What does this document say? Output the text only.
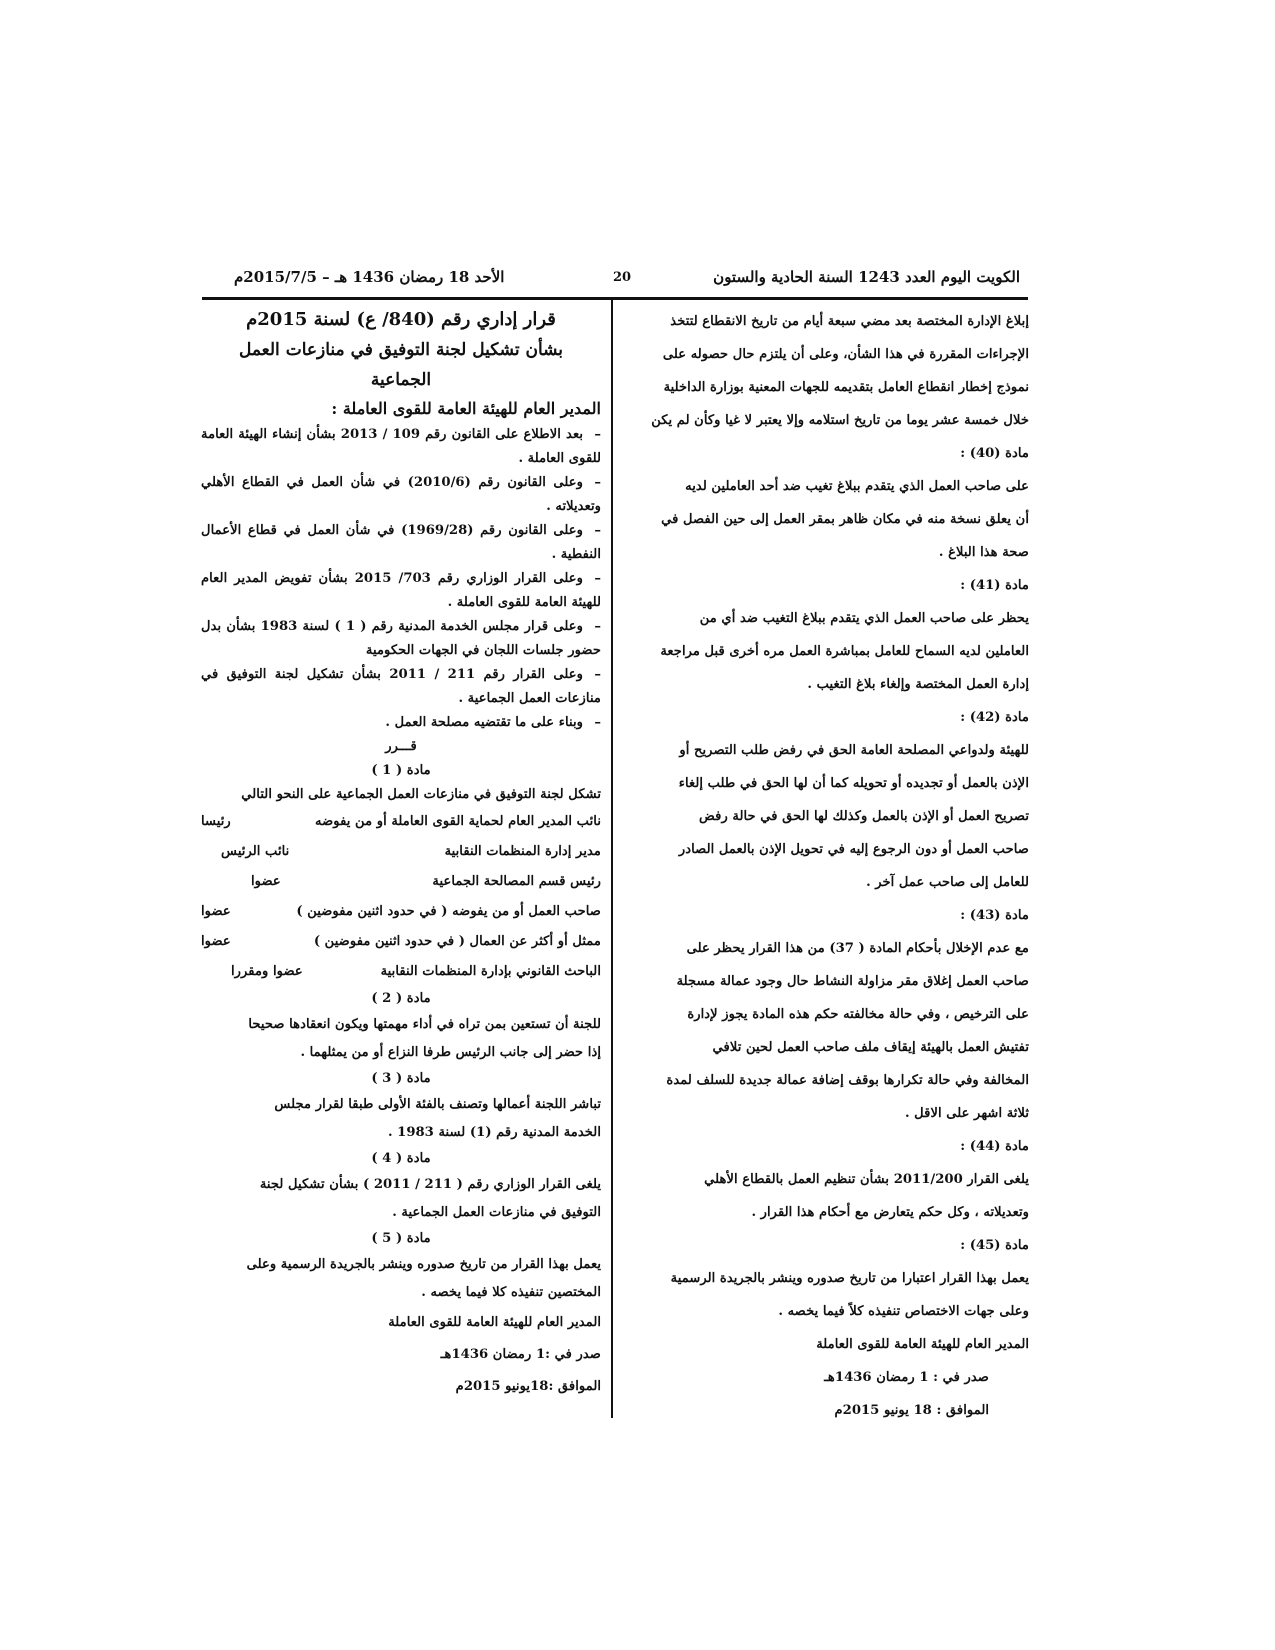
الكويت اليوم العدد 1243 السنة الحادية والستون
20
الأحد 18 رمضان 1436 هـ – 2015/7/5م

إبلاغ الإدارة المختصة بعد مضي سبعة أيام من تاريخ الانقطاع لتتخذ

الإجراءات المقررة في هذا الشأن، وعلى أن يلتزم حال حصوله على

نموذج إخطار انقطاع العامل بتقديمه للجهات المعنية بوزارة الداخلية

خلال خمسة عشر يوما من تاريخ استلامه وإلا يعتبر لا غيا وكأن لم يكن

مادة (40) :

على صاحب العمل الذي يتقدم ببلاغ تغيب ضد أحد العاملين لديه

أن يعلق نسخة منه في مكان ظاهر بمقر العمل إلى حين الفصل في

صحة هذا البلاغ .

مادة (41) :

يحظر على صاحب العمل الذي يتقدم ببلاغ التغيب ضد أي من

العاملين لديه السماح للعامل بمباشرة العمل مره أخرى قبل مراجعة

إدارة العمل المختصة وإلغاء بلاغ التغيب .

مادة (42) :

للهيئة ولدواعي المصلحة العامة الحق في رفض طلب التصريح أو

الإذن بالعمل أو تجديده أو تحويله كما أن لها الحق في طلب إلغاء

تصريح العمل أو الإذن بالعمل وكذلك لها الحق في حالة رفض

صاحب العمل أو دون الرجوع إليه في تحويل الإذن بالعمل الصادر

للعامل إلى صاحب عمل آخر .

مادة (43) :

مع عدم الإخلال بأحكام المادة ( 37) من هذا القرار يحظر على

صاحب العمل إغلاق مقر مزاولة النشاط حال وجود عمالة مسجلة

على الترخيص ، وفي حالة مخالفته حكم هذه المادة يجوز لإدارة

تفتيش العمل بالهيئة إيقاف ملف صاحب العمل لحين تلافي

المخالفة وفي حالة تكرارها بوقف إضافة عمالة جديدة للسلف لمدة

ثلاثة اشهر على الاقل .

مادة (44) :

يلغى القرار 2011/200 بشأن تنظيم العمل بالقطاع الأهلي

وتعديلاته ، وكل حكم يتعارض مع أحكام هذا القرار .

مادة (45) :

يعمل بهذا القرار اعتبارا من تاريخ صدوره وينشر بالجريدة الرسمية

وعلى جهات الاختصاص تنفيذه كلاً فيما يخصه .

المدير العام للهيئة العامة للقوى العاملة

صدر في : 1 رمضان 1436هـ

الموافق : 18 يونيو 2015م

قرار إداري رقم (840/ ع) لسنة 2015م
بشأن تشكيل لجنة التوفيق في منازعات العمل
الجماعية
المدير العام للهيئة العامة للقوى العاملة :

–بعد الاطلاع على القانون رقم 109 / 2013 بشأن إنشاء الهيئة العامة للقوى العاملة .

–وعلى القانون رقم (2010/6) في شأن العمل في القطاع الأهلي وتعديلاته .

–وعلى القانون رقم (1969/28) في شأن العمل في قطاع الأعمال النفطية .

–وعلى القرار الوزاري رقم 703/ 2015 بشأن تفويض المدير العام للهيئة العامة للقوى العاملة .

–وعلى قرار مجلس الخدمة المدنية رقم ( 1 ) لسنة 1983 بشأن بدل حضور جلسات اللجان في الجهات الحكومية

–وعلى القرار رقم 211 / 2011 بشأن تشكيل لجنة التوفيق في منازعات العمل الجماعية .

–وبناء على ما تقتضيه مصلحة العمل .

قـــرر

مادة ( 1 )

تشكل لجنة التوفيق في منازعات العمل الجماعية على النحو التالي

نائب المدير العام لحماية القوى العاملة أو من يفوضه
رئيسا
مدير إدارة المنظمات النقابية
نائب الرئيس
رئيس قسم المصالحة الجماعية
عضوا
صاحب العمل أو من يفوضه ( في حدود اثنين مفوضين )
عضوا
ممثل أو أكثر عن العمال ( في حدود اثنين مفوضين )
عضوا
الباحث القانوني بإدارة المنظمات النقابية
عضوا ومقررا

مادة ( 2 )

للجنة أن تستعين بمن تراه في أداء مهمتها ويكون انعقادها صحيحا

إذا حضر إلى جانب الرئيس طرفا النزاع أو من يمثلهما .

مادة ( 3 )

تباشر اللجنة أعمالها وتصنف بالفئة الأولى طبقا لقرار مجلس

الخدمة المدنية رقم (1) لسنة 1983 .

مادة ( 4 )

يلغى القرار الوزاري رقم ( 211 / 2011 ) بشأن تشكيل لجنة

التوفيق في منازعات العمل الجماعية .

مادة ( 5 )

يعمل بهذا القرار من تاريخ صدوره وينشر بالجريدة الرسمية وعلى

المختصين تنفيذه كلا فيما يخصه .

المدير العام للهيئة العامة للقوى العاملة

صدر في :1 رمضان 1436هـ

الموافق :18يونيو 2015م
